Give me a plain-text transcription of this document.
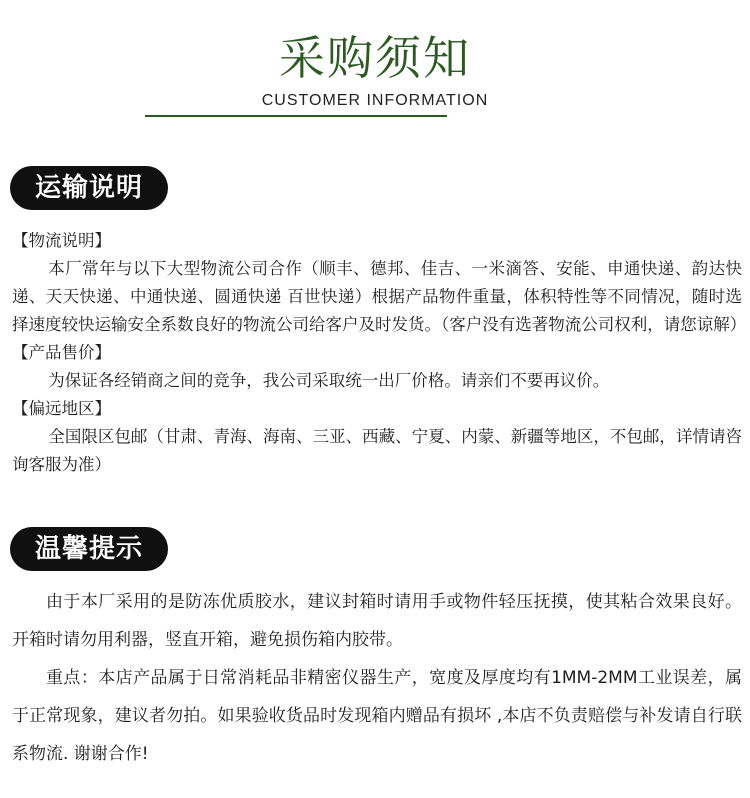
采购须知
CUSTOMER INFORMATION
运输说明
【物流说明】
本厂常年与以下大型物流公司合作（顺丰、德邦、佳吉、一米滴答、安能、申通快递、韵达快递、天天快递、中通快递、圆通快递 百世快递）根据产品物件重量，体积特性等不同情况，随时选择速度较快运输安全系数良好的物流公司给客户及时发货。（客户没有选著物流公司权利，请您谅解）
【产品售价】
为保证各经销商之间的竞争，我公司采取统一出厂价格。请亲们不要再议价。
【偏远地区】
全国限区包邮（甘肃、青海、海南、三亚、西藏、宁夏、内蒙、新疆等地区，不包邮，详情请咨询客服为准）
温馨提示
由于本厂采用的是防冻优质胶水，建议封箱时请用手或物件轻压抚摸，使其粘合效果良好。开箱时请勿用利器，竖直开箱，避免损伤箱内胶带。
重点：本店产品属于日常消耗品非精密仪器生产，宽度及厚度均有1MM-2MM工业误差，属于正常现象，建议者勿拍。如果验收货品时发现箱内赠品有损坏 ,本店不负责赔偿与补发请自行联系物流. 谢谢合作!
